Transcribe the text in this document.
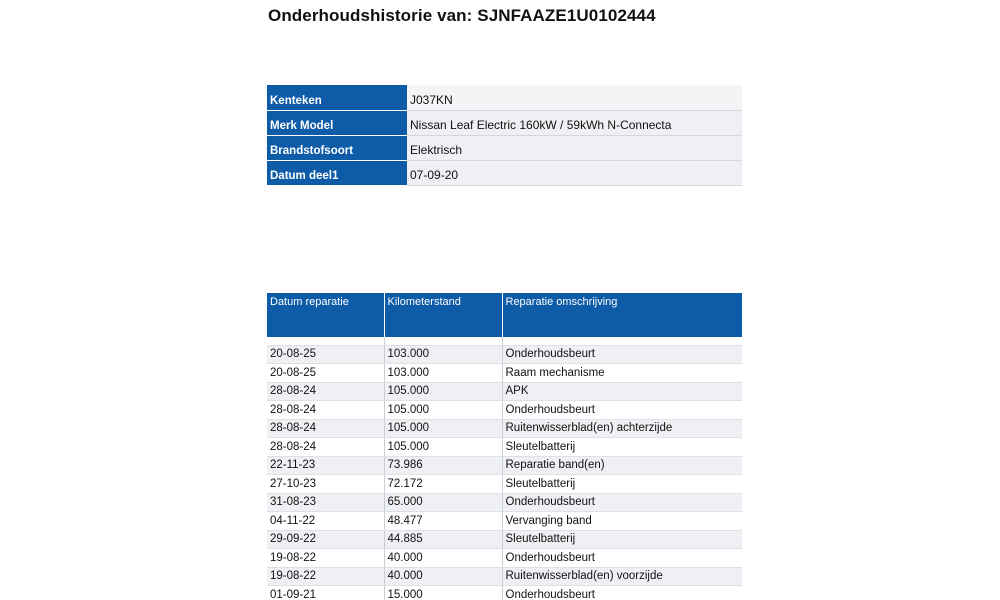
Onderhoudshistorie van: SJNFAAZE1U0102444
Kenteken	J037KN
Merk Model	Nissan Leaf Electric 160kW / 59kWh N-Connecta
Brandstofsoort	Elektrisch
Datum deel1	07-09-20
Datum reparatie	Kilometerstand	Reparatie omschrijving

20-08-25	103.000	Onderhoudsbeurt
20-08-25	103.000	Raam mechanisme
28-08-24	105.000	APK
28-08-24	105.000	Onderhoudsbeurt
28-08-24	105.000	Ruitenwisserblad(en) achterzijde
28-08-24	105.000	Sleutelbatterij
22-11-23	73.986	Reparatie band(en)
27-10-23	72.172	Sleutelbatterij
31-08-23	65.000	Onderhoudsbeurt
04-11-22	48.477	Vervanging band
29-09-22	44.885	Sleutelbatterij
19-08-22	40.000	Onderhoudsbeurt
19-08-22	40.000	Ruitenwisserblad(en) voorzijde
01-09-21	15.000	Onderhoudsbeurt
